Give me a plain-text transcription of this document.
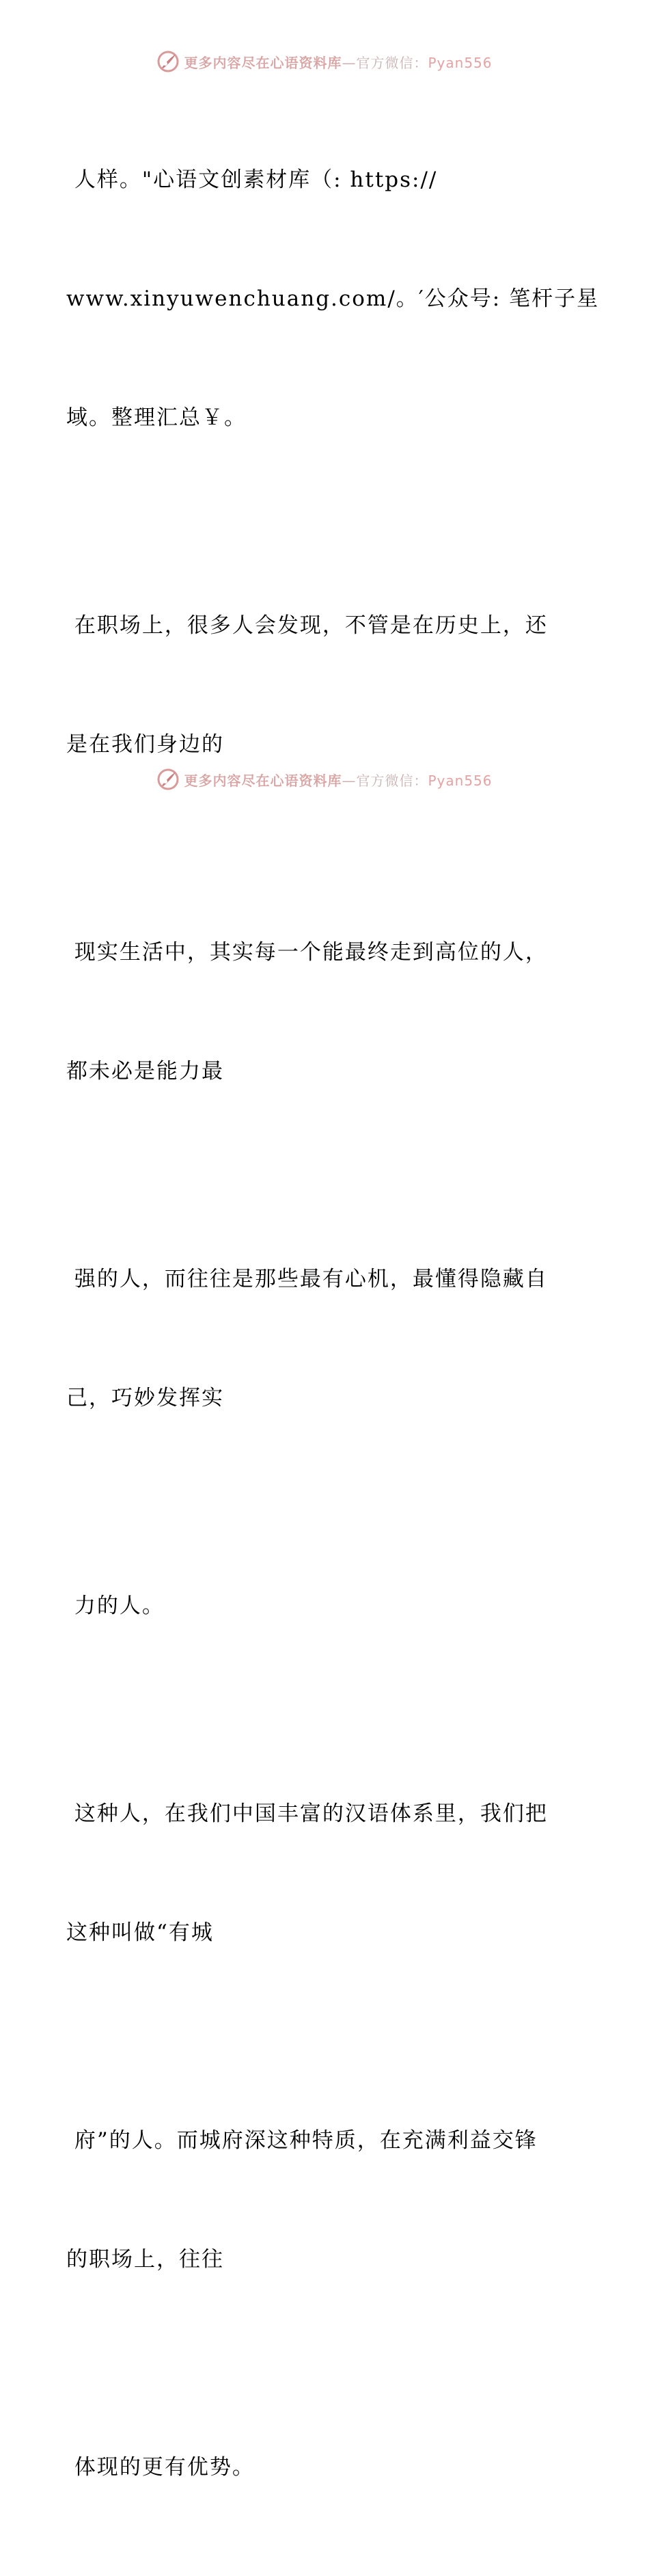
更多内容尽在心语资料库—官方微信：Pyan556

人样。"心语文创素材库（: https://

www.xinyuwenchuang.com/。′公众号: 笔杆子星

域。整理汇总￥。

在职场上，很多人会发现，不管是在历史上，还

是在我们身边的

现实生活中，其实每一个能最终走到高位的人，

都未必是能力最

强的人，而往往是那些最有心机，最懂得隐藏自

己，巧妙发挥实

力的人。

这种人，在我们中国丰富的汉语体系里，我们把

这种叫做“有城

府”的人。而城府深这种特质，在充满利益交锋

的职场上，往往

体现的更有优势。

更多内容尽在心语资料库—官方微信：Pyan556
